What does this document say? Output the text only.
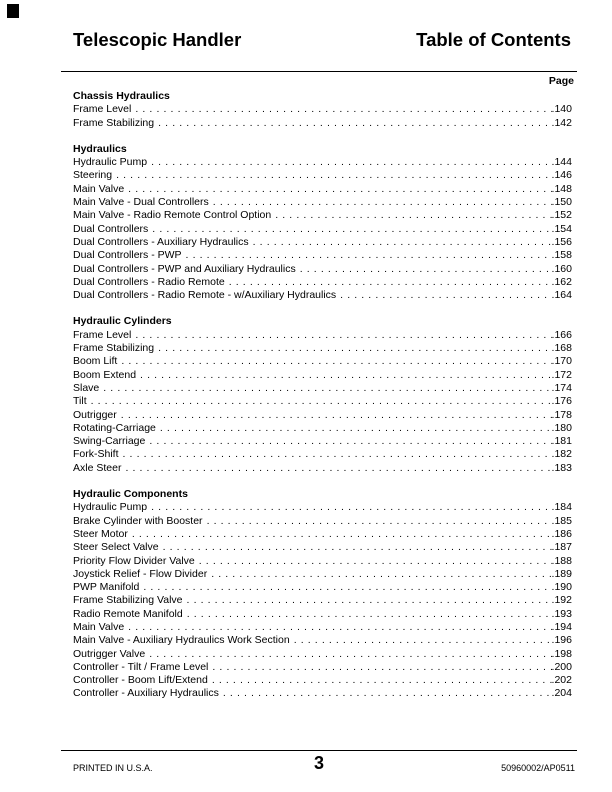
Telescopic Handler	Table of Contents
Page
Chassis Hydraulics
Frame Level . . .	. 140
Frame Stabilizing . . .	. 142
Hydraulics
Hydraulic Pump . . .	. 144
Steering . . .	. 146
Main Valve . . .	. 148
Main Valve - Dual Controllers . . .	. 150
Main Valve - Radio Remote Control Option . . .	. 152
Dual Controllers . . .	. 154
Dual Controllers - Auxiliary Hydraulics . . .	. 156
Dual Controllers - PWP . . .	. 158
Dual Controllers - PWP and Auxiliary Hydraulics . . .	. 160
Dual Controllers - Radio Remote . . .	. 162
Dual Controllers - Radio Remote - w/Auxiliary Hydraulics . . .	. 164
Hydraulic Cylinders
Frame Level . . .	. 166
Frame Stabilizing . . .	. 168
Boom Lift . . .	. 170
Boom Extend . . .	. 172
Slave . . .	. 174
Tilt . . .	. 176
Outrigger . . .	. 178
Rotating-Carriage . . .	. 180
Swing-Carriage . . .	. 181
Fork-Shift . . .	. 182
Axle Steer . . .	. 183
Hydraulic Components
Hydraulic Pump . . .	. 184
Brake Cylinder with Booster . . .	. 185
Steer Motor . . .	. 186
Steer Select Valve . . .	. 187
Priority Flow Divider Valve . . .	. 188
Joystick Relief - Flow Divider . . .	. 189
PWP Manifold . . .	. 190
Frame Stabilizing Valve . . .	. 192
Radio Remote Manifold . . .	. 193
Main Valve . . .	. 194
Main Valve - Auxiliary Hydraulics Work Section . . .	. 196
Outrigger Valve . . .	. 198
Controller - Tilt / Frame Level . . .	. 200
Controller - Boom Lift/Extend . . .	. 202
Controller - Auxiliary Hydraulics . . .	. 204
PRINTED IN U.S.A.	3	50960002/AP0511
